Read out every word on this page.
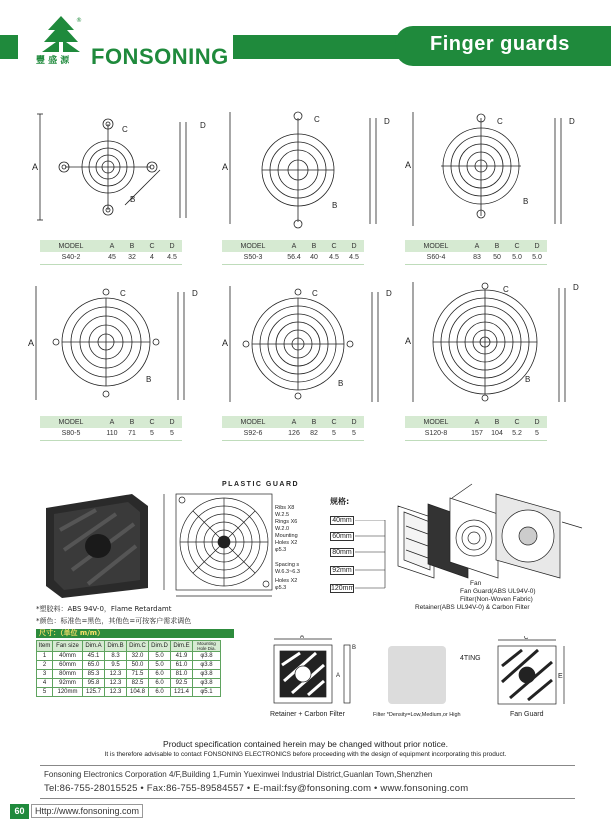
Finger guards
®
豐 盛 源 FONSONING
A
B
C	D
A
C
B
D
A
C
B
D
MODEL	A	B	C	D
S40-2	45	32	4	4.5
MODEL	A	B	C	D
S50-3	56.4	40	4.5	4.5
MODEL	A	B	C	D
S60-4	83	50	5.0	5.0
A
C
B
D
A
C
B
D
A
C
B
D
MODEL	A	B	C	D
S80-5	110	71	5	5
MODEL	A	B	C	D
S92-6	126	82	5	5
MODEL	A	B	C	D
S120-8	157	104	5.2	5
PLASTIC GUARD
Ribs X8
W.2.5
Rings X6
W.2.0
Mounting
Holes X2
φ5.3
Spacing s
W.6.3~6.3
Holes X2
φ5.3
规格:
40mm
60mm
80mm
92mm
120mm
Fan
Fan Guard(ABS UL94V-0)
Filter(Non-Woven Fabric)
Retainer(ABS UL94V-0) & Carbon Filter
*塑胶料：ABS 94V-0，Flame Retardamt
*颜色：标准色=黑色，其他色=可按客户需求调色
尺寸：（单位 m/m）
Item	Fan size	Dim.A	Dim.B	Dim.C	Dim.D	Dim.E	Mounting Hole Dia.
1	40mm	45.1	8.3	32.0	5.0	41.9	φ3.8
2	60mm	65.0	9.5	50.0	5.0	61.0	φ3.8
3	80mm	85.3	12.3	71.5	6.0	81.0	φ3.8
4	92mm	95.8	12.3	82.5	6.0	92.5	φ3.8
5	120mm	125.7	12.3	104.8	6.0	121.4	φ5.1
A
B
A
Retainer + Carbon Filter	Filter *Density=Low,Medium,or High
4TING
C
E
Fan Guard
Product specification contained herein may be changed without prior notice.
It is therefore advisable to contact FONSONING ELECTRONICS before proceeding with the design of equipment incorporating this product.
Fonsoning Electronics Corporation 4/F,Building 1,Fumin Yuexinwei Industrial District,Guanlan Town,Shenzhen
Tel:86-755-28015525 • Fax:86-755-89584557 • E-mail:fsy@fonsoning.com • www.fonsoning.com
60	Http://www.fonsoning.com
